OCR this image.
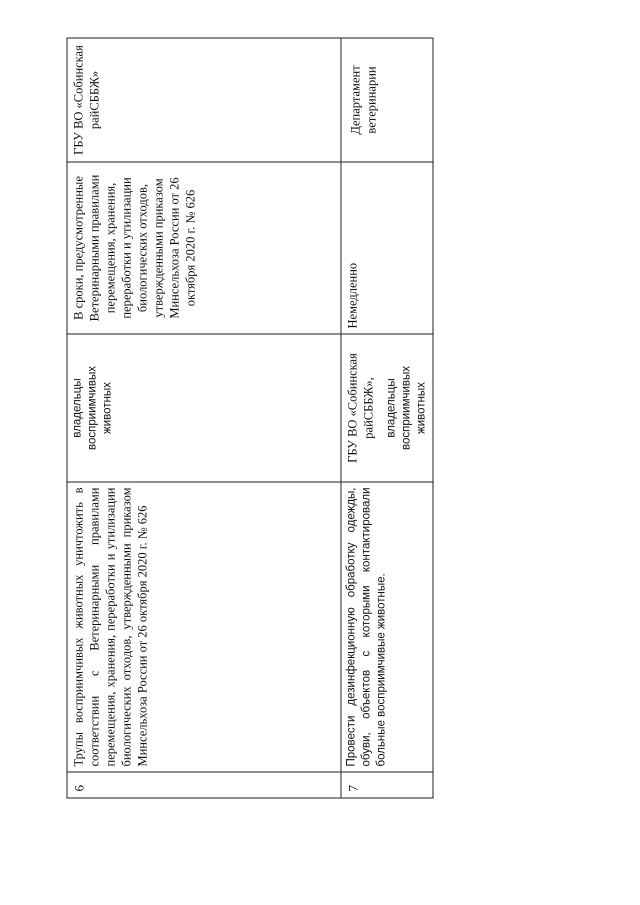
6	Трупы восприимчивых животных уничтожить в соответствии с Ветеринарными правилами перемещения, хранения, переработки и утилизации биологических отходов, утвержденными приказом Минсельхоза России от 26 октября 2020 г. № 626	владельцы восприимчивых животных	В сроки, предусмотренные Ветеринарными правилами перемещения, хранения, переработки и утилизации биологических отходов, утвержденными приказом Минсельхоза России от 26 октября 2020 г. № 626	ГБУ ВО «Собинская райСББЖ»
7	Провести дезинфекционную обработку одежды, обуви, объектов с которыми контактировали больные восприимчивые животные.	ГБУ ВО «Собинская райСББЖ», владельцы восприимчивых животных	Немедленно	Департамент ветеринарии
